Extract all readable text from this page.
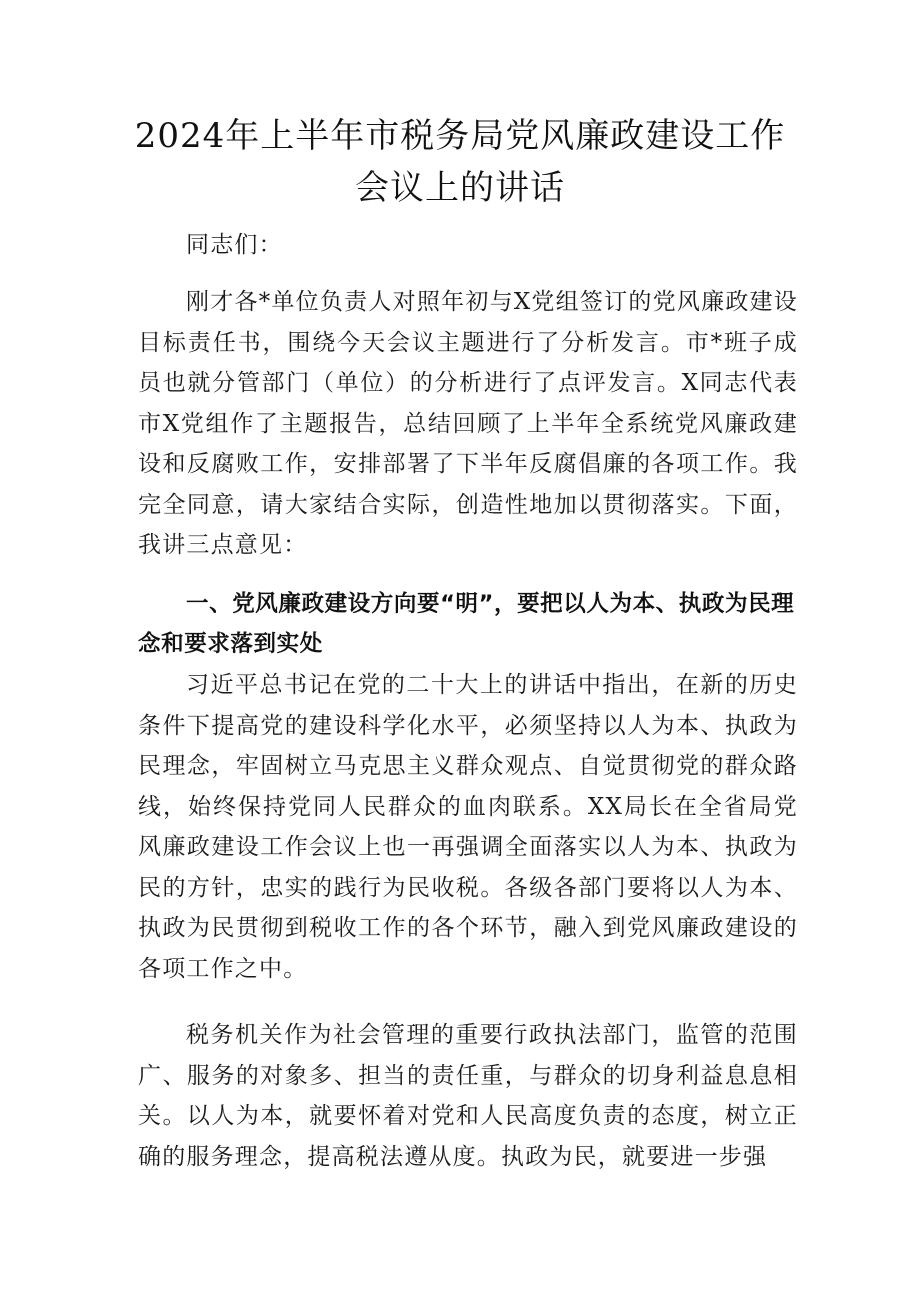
2024年上半年市税务局党风廉政建设工作
会议上的讲话
同志们：
刚才各*单位负责人对照年初与X党组签订的党风廉政建设目标责任书，围绕今天会议主题进行了分析发言。市*班子成员也就分管部门（单位）的分析进行了点评发言。X同志代表市X党组作了主题报告，总结回顾了上半年全系统党风廉政建设和反腐败工作，安排部署了下半年反腐倡廉的各项工作。我完全同意，请大家结合实际，创造性地加以贯彻落实。下面，我讲三点意见：
一、党风廉政建设方向要“明”，要把以人为本、执政为民理念和要求落到实处
习近平总书记在党的二十大上的讲话中指出，在新的历史条件下提高党的建设科学化水平，必须坚持以人为本、执政为民理念，牢固树立马克思主义群众观点、自觉贯彻党的群众路线，始终保持党同人民群众的血肉联系。XX局长在全省局党风廉政建设工作会议上也一再强调全面落实以人为本、执政为民的方针，忠实的践行为民收税。各级各部门要将以人为本、执政为民贯彻到税收工作的各个环节，融入到党风廉政建设的各项工作之中。
税务机关作为社会管理的重要行政执法部门，监管的范围广、服务的对象多、担当的责任重，与群众的切身利益息息相关。以人为本，就要怀着对党和人民高度负责的态度，树立正确的服务理念，提高税法遵从度。执政为民，就要进一步强
